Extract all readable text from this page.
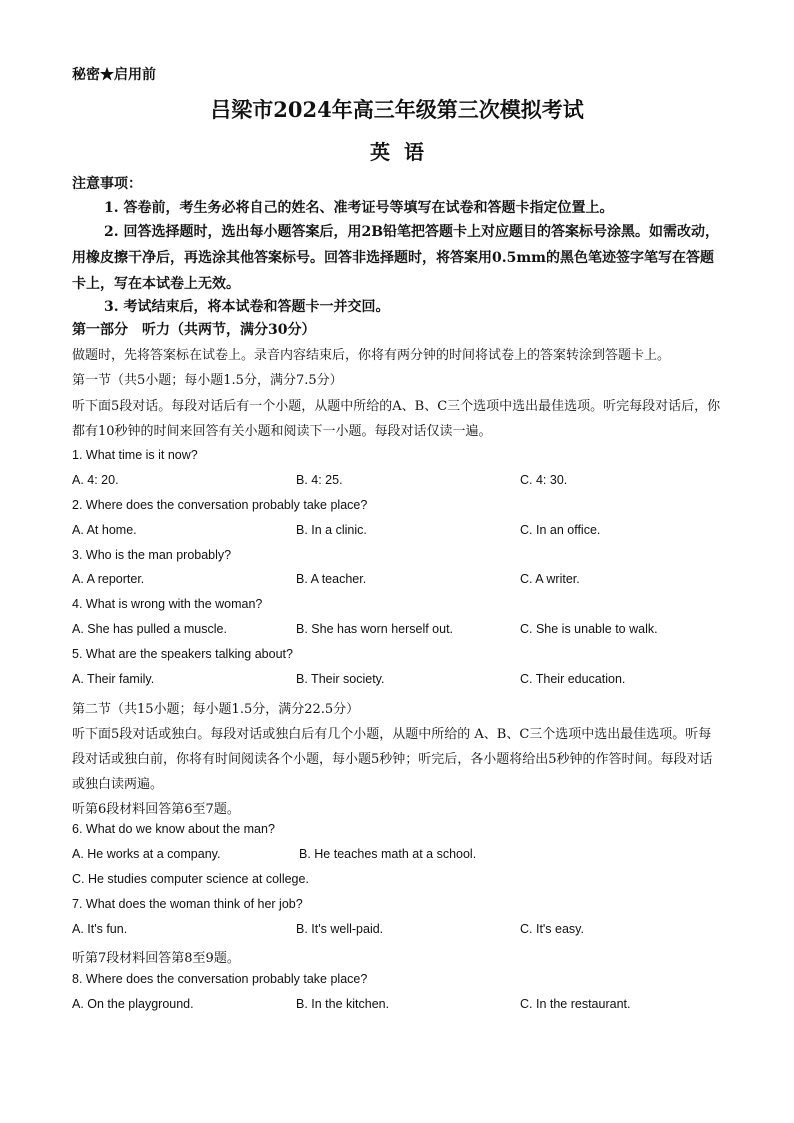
秘密★启用前
吕梁市2024年高三年级第三次模拟考试
英语
注意事项：
1. 答卷前，考生务必将自己的姓名、准考证号等填写在试卷和答题卡指定位置上。
2. 回答选择题时，选出每小题答案后，用2B铅笔把答题卡上对应题目的答案标号涂黑。如需改动，用橡皮擦干净后，再选涂其他答案标号。回答非选择题时，将答案用0.5mm的黑色笔迹签字笔写在答题卡上，写在本试卷上无效。
3. 考试结束后，将本试卷和答题卡一并交回。
第一部分　听力（共两节，满分30分）
做题时，先将答案标在试卷上。录音内容结束后，你将有两分钟的时间将试卷上的答案转涂到答题卡上。
第一节（共5小题；每小题1.5分，满分7.5分）
听下面5段对话。每段对话后有一个小题，从题中所给的A、B、C三个选项中选出最佳选项。听完每段对话后，你都有10秒钟的时间来回答有关小题和阅读下一小题。每段对话仅读一遍。
1. What time is it now?
A. 4: 20.	B. 4: 25.	C. 4: 30.
2. Where does the conversation probably take place?
A. At home.	B. In a clinic.	C. In an office.
3. Who is the man probably?
A. A reporter.	B. A teacher.	C. A writer.
4. What is wrong with the woman?
A. She has pulled a muscle.	B. She has worn herself out.	C. She is unable to walk.
5. What are the speakers talking about?
A. Their family.	B. Their society.	C. Their education.
第二节（共15小题；每小题1.5分，满分22.5分）
听下面5段对话或独白。每段对话或独白后有几个小题，从题中所给的 A、B、C三个选项中选出最佳选项。听每段对话或独白前，你将有时间阅读各个小题，每小题5秒钟；听完后，各小题将给出5秒钟的作答时间。每段对话或独白读两遍。
听第6段材料回答第6至7题。
6. What do we know about the man?
A. He works at a company.	B. He teaches math at a school.
C. He studies computer science at college.
7. What does the woman think of her job?
A. It's fun.	B. It's well-paid.	C. It's easy.
听第7段材料回答第8至9题。
8. Where does the conversation probably take place?
A. On the playground.	B. In the kitchen.	C. In the restaurant.
